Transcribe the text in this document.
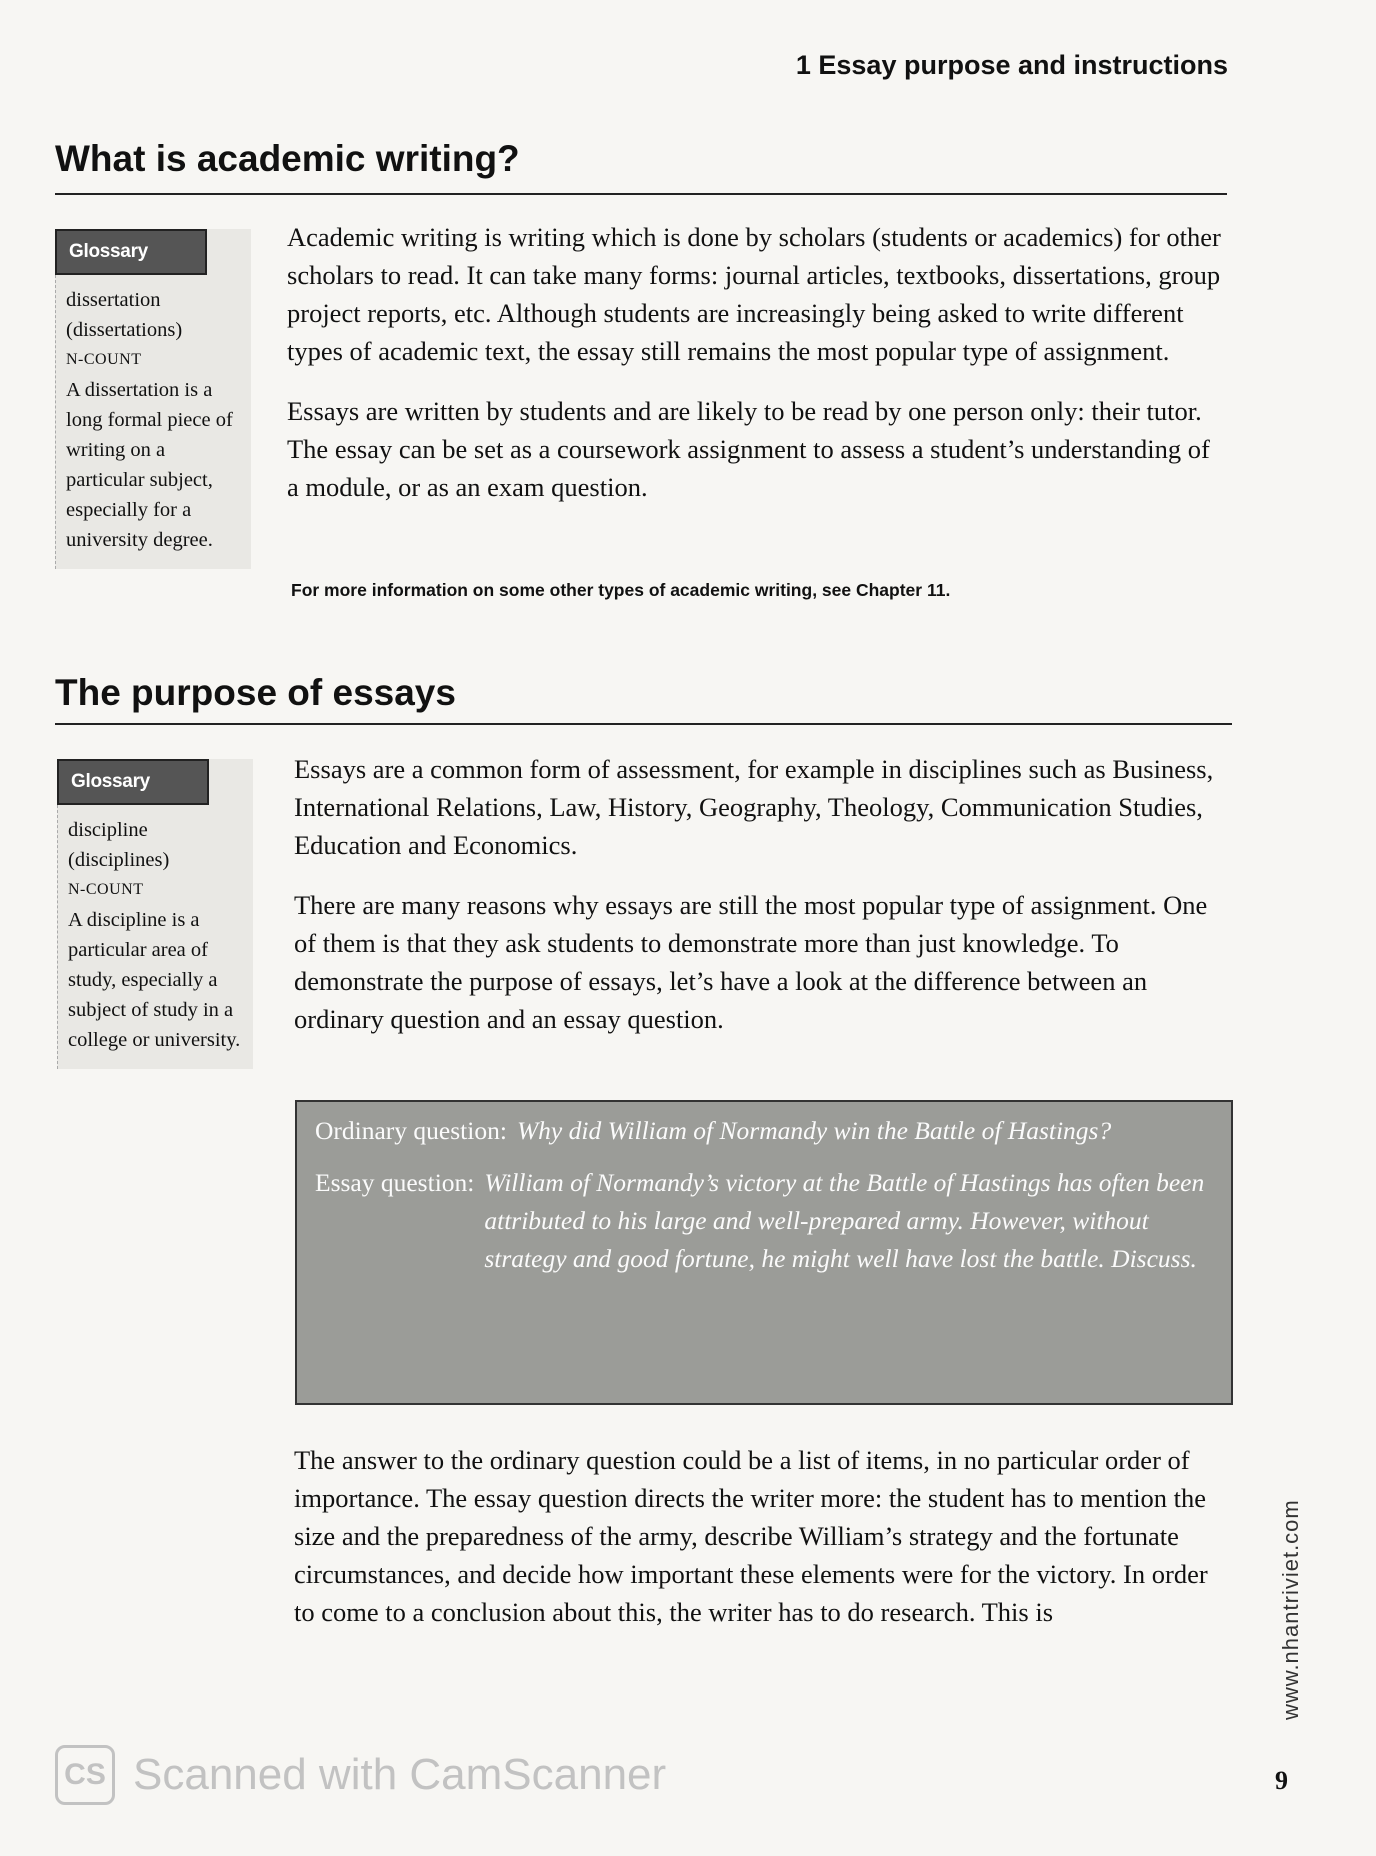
1 Essay purpose and instructions
What is academic writing?
Glossary
dissertation
(dissertations)
N-COUNT
A dissertation is a long formal piece of writing on a particular subject, especially for a university degree.

Academic writing is writing which is done by scholars (students or academics) for other scholars to read. It can take many forms: journal articles, textbooks, dissertations, group project reports, etc. Although students are increasingly being asked to write different types of academic text, the essay still remains the most popular type of assignment.

Essays are written by students and are likely to be read by one person only: their tutor. The essay can be set as a coursework assignment to assess a student’s understanding of a module, or as an exam question.

For more information on some other types of academic writing, see Chapter 11.
The purpose of essays
Glossary
discipline
(disciplines)
N-COUNT
A discipline is a particular area of study, especially a subject of study in a college or university.

Essays are a common form of assessment, for example in disciplines such as Business, International Relations, Law, History, Geography, Theology, Communication Studies, Education and Economics.

There are many reasons why essays are still the most popular type of assignment. One of them is that they ask students to demonstrate more than just knowledge. To demonstrate the purpose of essays, let’s have a look at the difference between an ordinary question and an essay question.

Ordinary question: Why did William of Normandy win the Battle of Hastings?
Essay question: William of Normandy’s victory at the Battle of Hastings has often been attributed to his large and well-prepared army. However, without strategy and good fortune, he might well have lost the battle. Discuss.

The answer to the ordinary question could be a list of items, in no particular order of importance. The essay question directs the writer more: the student has to mention the size and the preparedness of the army, describe William’s strategy and the fortunate circumstances, and decide how important these elements were for the victory. In order to come to a conclusion about this, the writer has to do research. This is

CS Scanned with CamScanner
www.nhantriviet.com
9
